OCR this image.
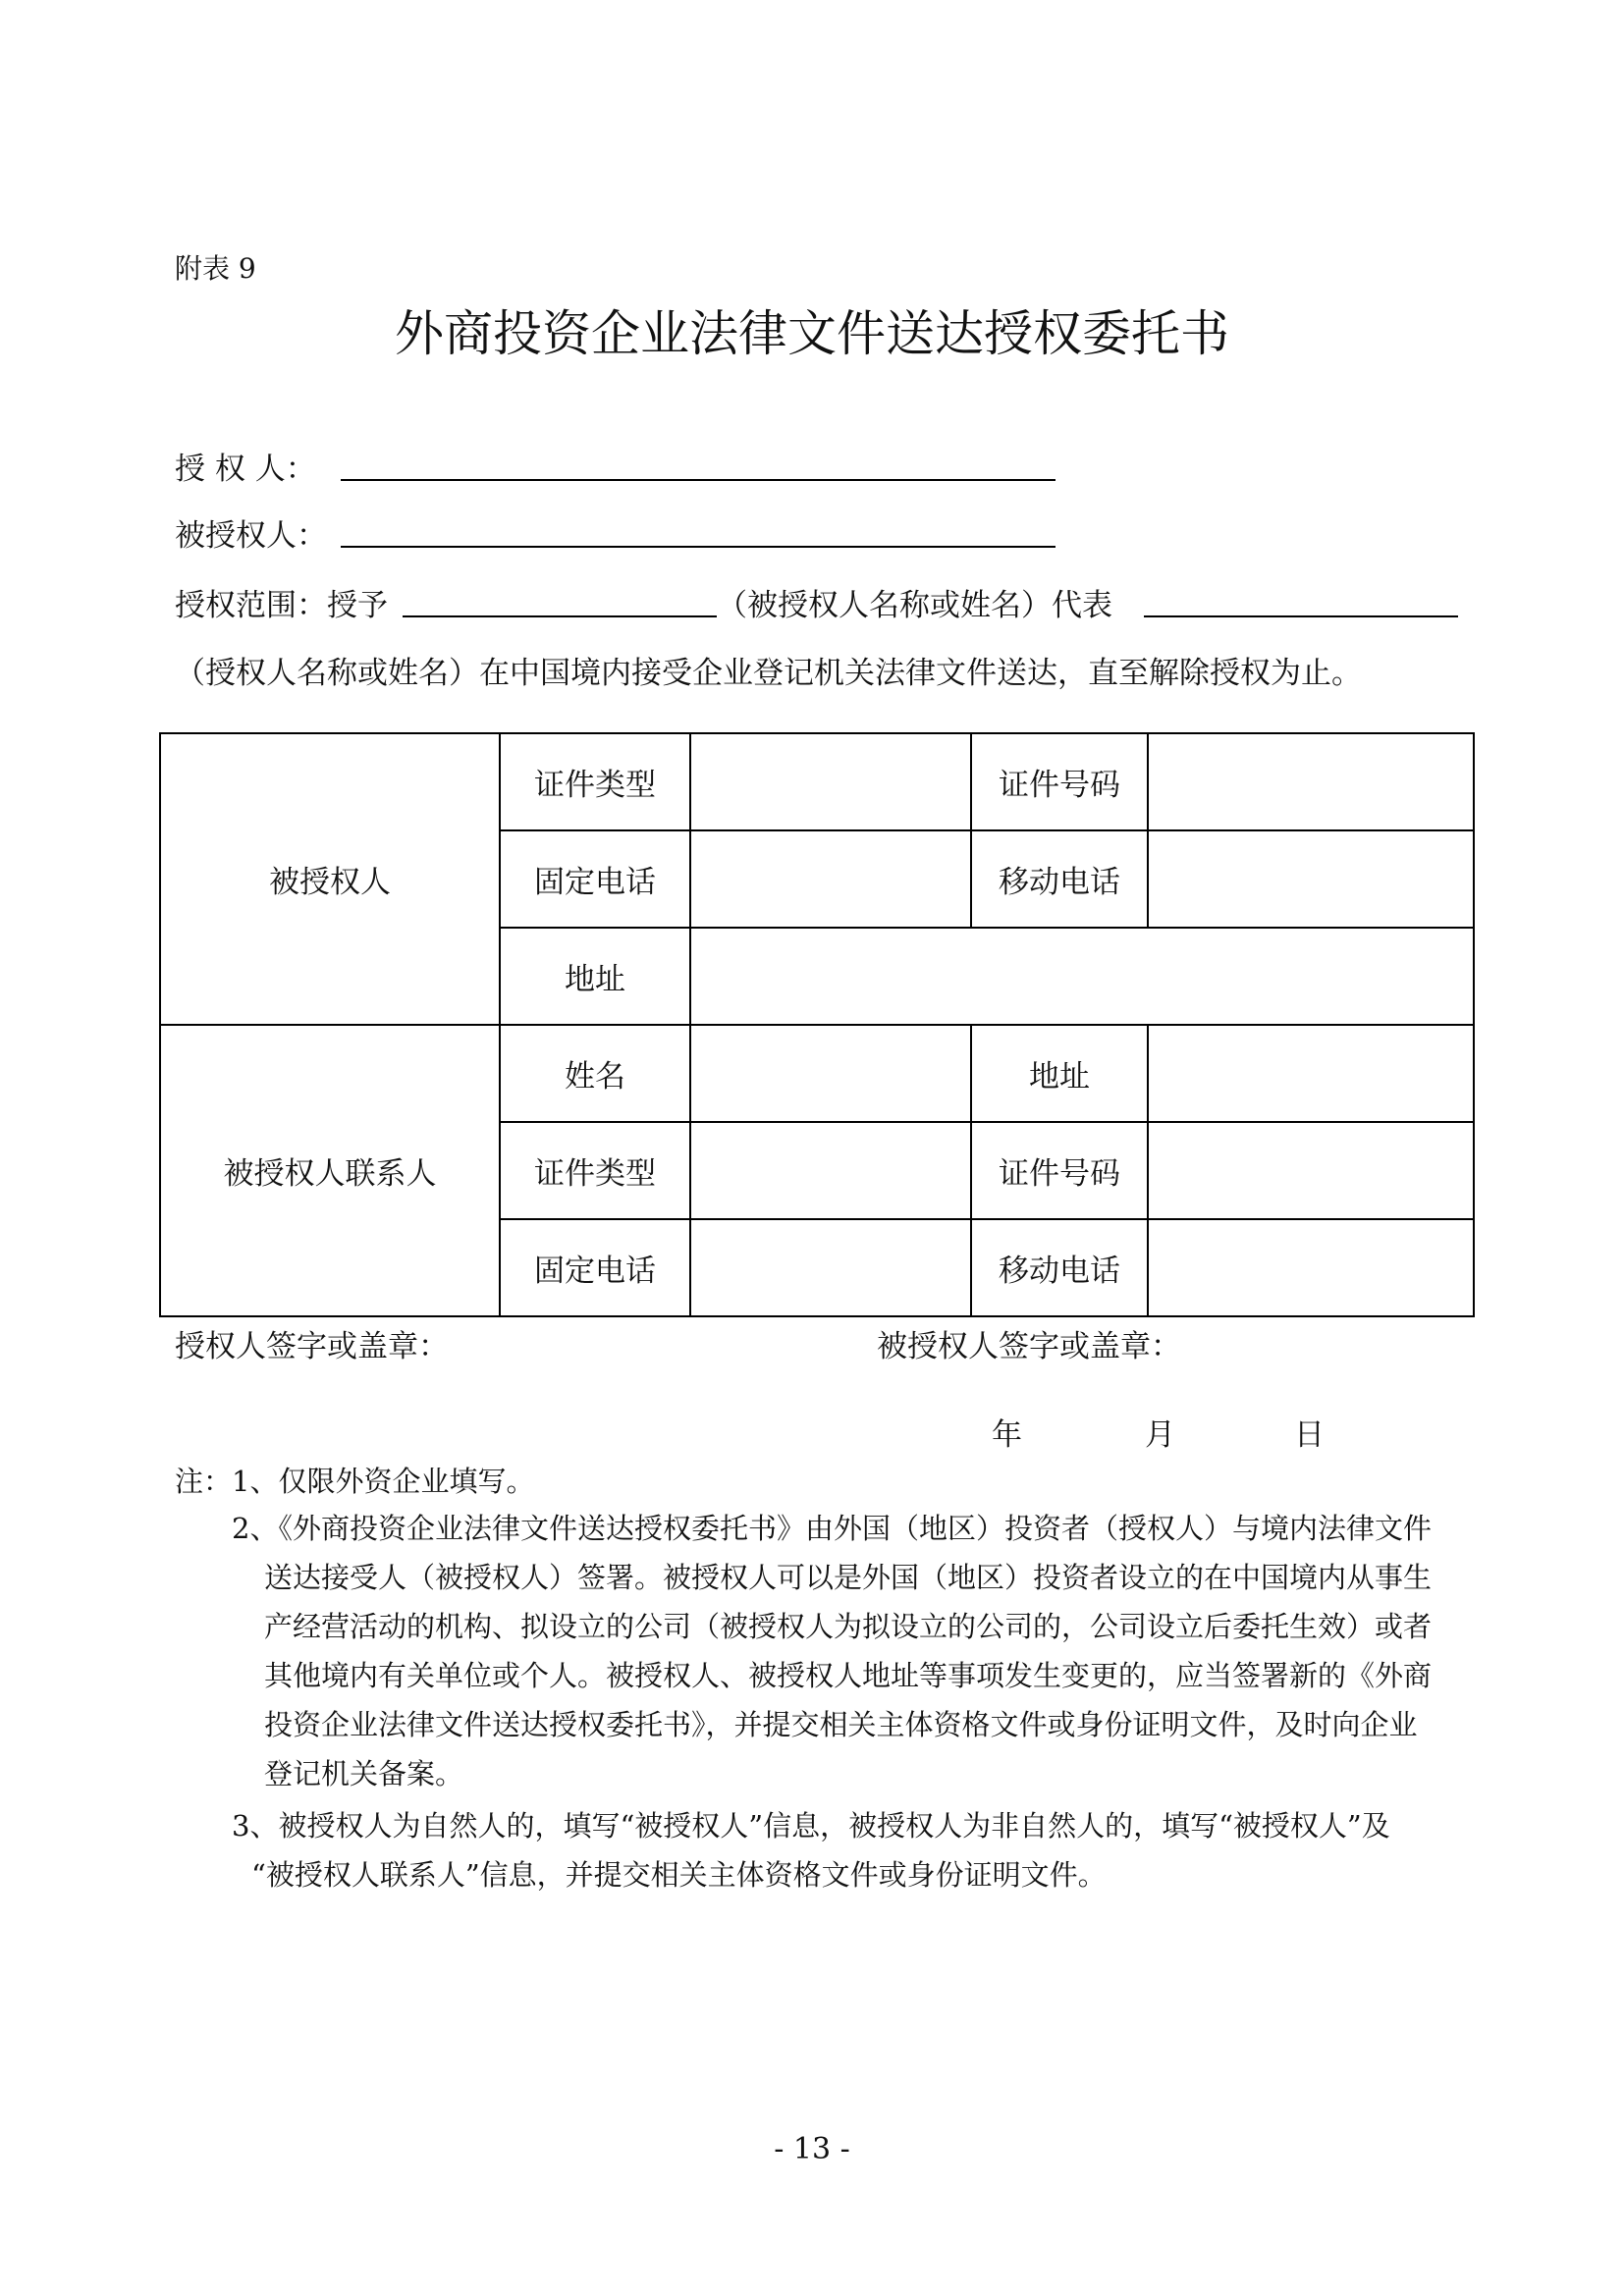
附表 9
外商投资企业法律文件送达授权委托书
授 权 人：
被授权人：
授权范围：授予	（被授权人名称或姓名）代表
（授权人名称或姓名）在中国境内接受企业登记机关法律文件送达，直至解除授权为止。
被授权人	证件类型		证件号码	
	固定电话		移动电话	
	地址			
被授权人联系人	姓名		地址	
	证件类型		证件号码	
	固定电话		移动电话	
授权人签字或盖章：	被授权人签字或盖章：
年	月	日
注：1、仅限外资企业填写。
2、《外商投资企业法律文件送达授权委托书》由外国（地区）投资者（授权人）与境内法律文件
送达接受人（被授权人）签署。被授权人可以是外国（地区）投资者设立的在中国境内从事生
产经营活动的机构、拟设立的公司（被授权人为拟设立的公司的，公司设立后委托生效）或者
其他境内有关单位或个人。被授权人、被授权人地址等事项发生变更的，应当签署新的《外商
投资企业法律文件送达授权委托书》，并提交相关主体资格文件或身份证明文件，及时向企业
登记机关备案。
3、被授权人为自然人的，填写“被授权人”信息，被授权人为非自然人的，填写“被授权人”及
“被授权人联系人”信息，并提交相关主体资格文件或身份证明文件。
- 13 -
